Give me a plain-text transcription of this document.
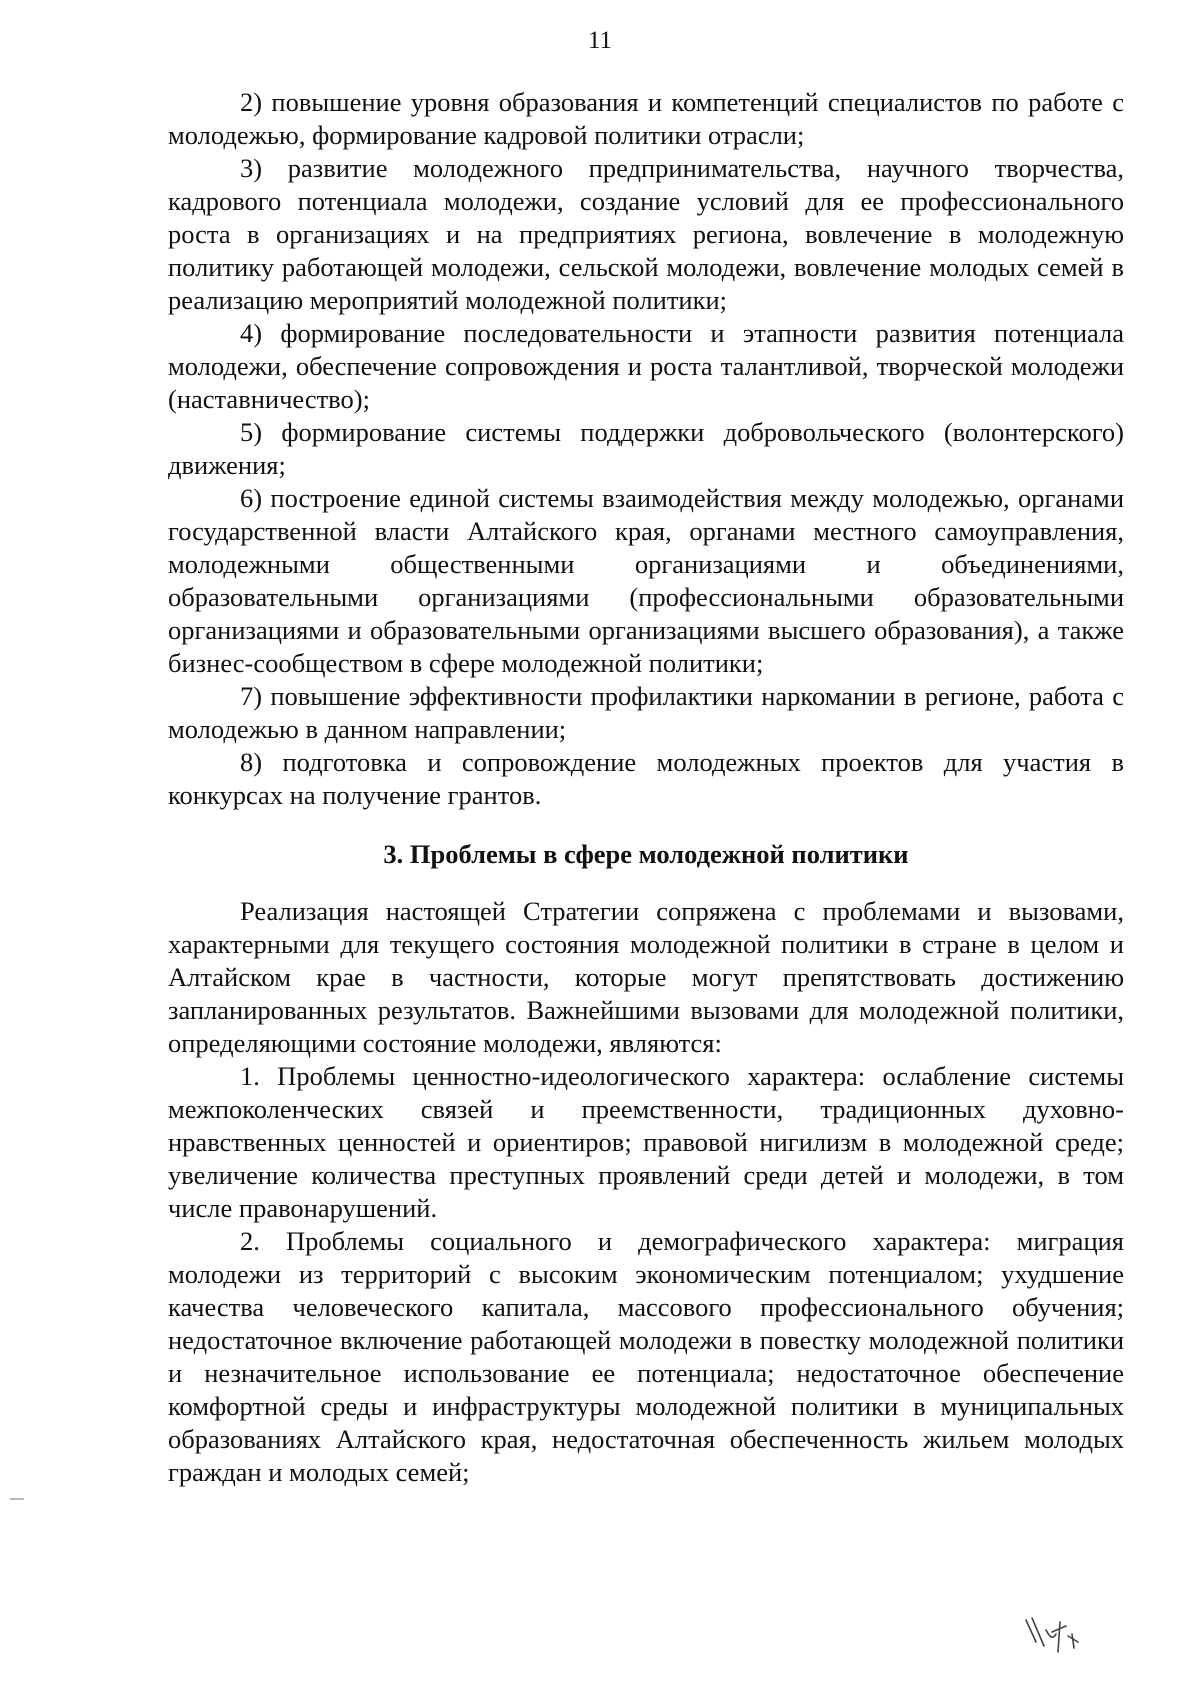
11

2) повышение уровня образования и компетенций специалистов по работе с молодежью, формирование кадровой политики отрасли;

3) развитие молодежного предпринимательства, научного творчества, кадрового потенциала молодежи, создание условий для ее профессионального роста в организациях и на предприятиях региона, вовлечение в молодежную политику работающей молодежи, сельской молодежи, вовлечение молодых семей в реализацию мероприятий молодежной политики;

4) формирование последовательности и этапности развития потенциала молодежи, обеспечение сопровождения и роста талантливой, творческой молодежи (наставничество);

5) формирование системы поддержки добровольческого (волонтерского) движения;

6) построение единой системы взаимодействия между молодежью, органами государственной власти Алтайского края, органами местного самоуправления, молодежными общественными организациями и объединениями, образовательными организациями (профессиональными образовательными организациями и образовательными организациями высшего образования), а также бизнес-сообществом в сфере молодежной политики;

7) повышение эффективности профилактики наркомании в регионе, работа с молодежью в данном направлении;

8) подготовка и сопровождение молодежных проектов для участия в конкурсах на получение грантов.

3. Проблемы в сфере молодежной политики

Реализация настоящей Стратегии сопряжена с проблемами и вызовами, характерными для текущего состояния молодежной политики в стране в целом и Алтайском крае в частности, которые могут препятствовать достижению запланированных результатов. Важнейшими вызовами для молодежной политики, определяющими состояние молодежи, являются:

1. Проблемы ценностно-идеологического характера: ослабление системы межпоколенческих связей и преемственности, традиционных духовно-нравственных ценностей и ориентиров; правовой нигилизм в молодежной среде; увеличение количества преступных проявлений среди детей и молодежи, в том числе правонарушений.

2. Проблемы социального и демографического характера: миграция молодежи из территорий с высоким экономическим потенциалом; ухудшение качества человеческого капитала, массового профессионального обучения; недостаточное включение работающей молодежи в повестку молодежной политики и незначительное использование ее потенциала; недостаточное обеспечение комфортной среды и инфраструктуры молодежной политики в муниципальных образованиях Алтайского края, недостаточная обеспеченность жильем молодых граждан и молодых семей;
